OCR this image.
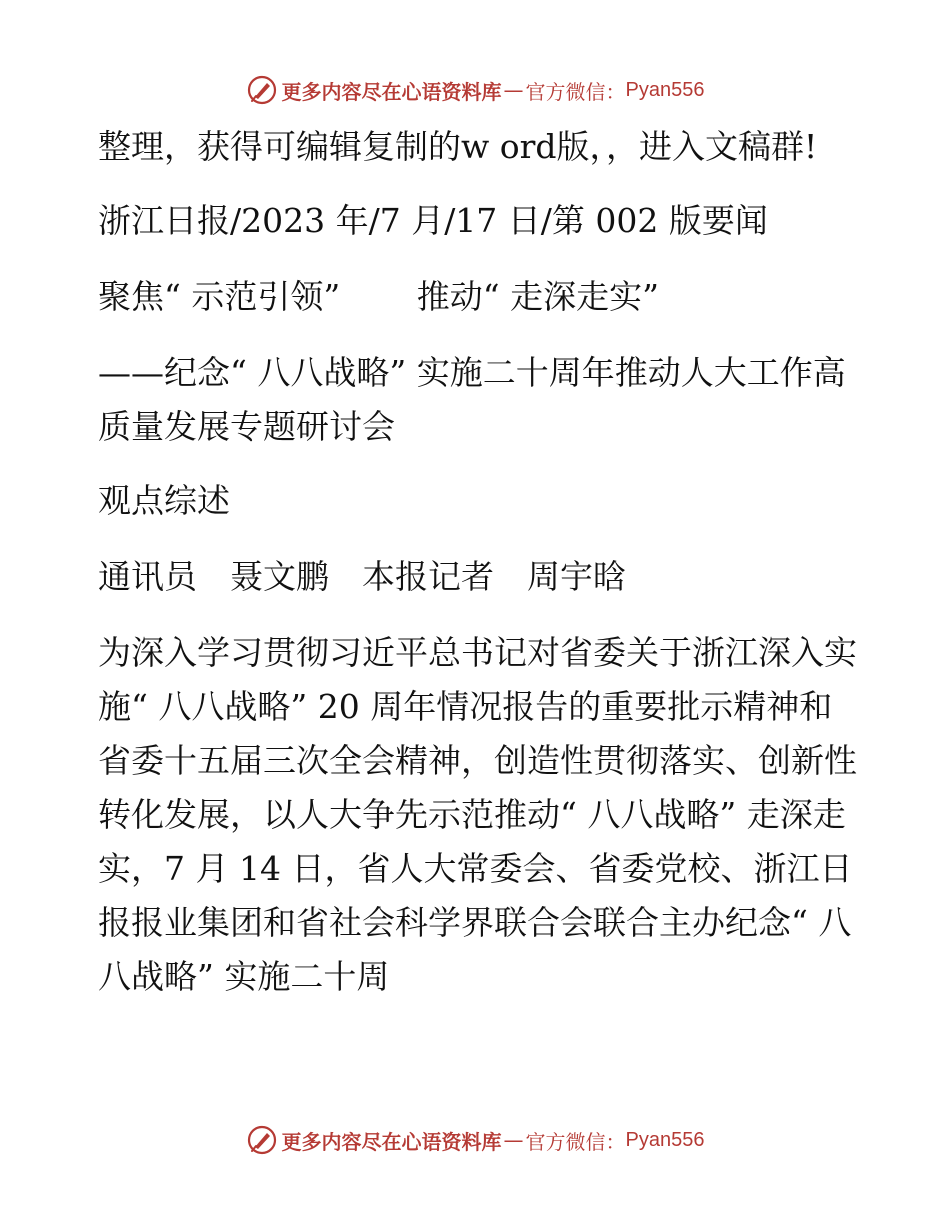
更多内容尽在心语资料库 — 官方微信： Pyan556

整理，获得可编辑复制的w ord版，，进入文稿群!

浙江日报/2023 年/7 月/17 日/第 002 版要闻

聚焦“ 示范引领”　　 推动“ 走深走实”

——纪念“ 八八战略” 实施二十周年推动人大工作高质量发展专题研讨会

观点综述

通讯员　聂文鹏　本报记者　周宇晗

为深入学习贯彻习近平总书记对省委关于浙江深入实施“ 八八战略” 20 周年情况报告的重要批示精神和省委十五届三次全会精神，创造性贯彻落实、创新性转化发展，以人大争先示范推动“ 八八战略” 走深走实，7 月 14 日，省人大常委会、省委党校、浙江日报报业集团和省社会科学界联合会联合主办纪念“ 八八战略” 实施二十周

更多内容尽在心语资料库 — 官方微信： Pyan556
